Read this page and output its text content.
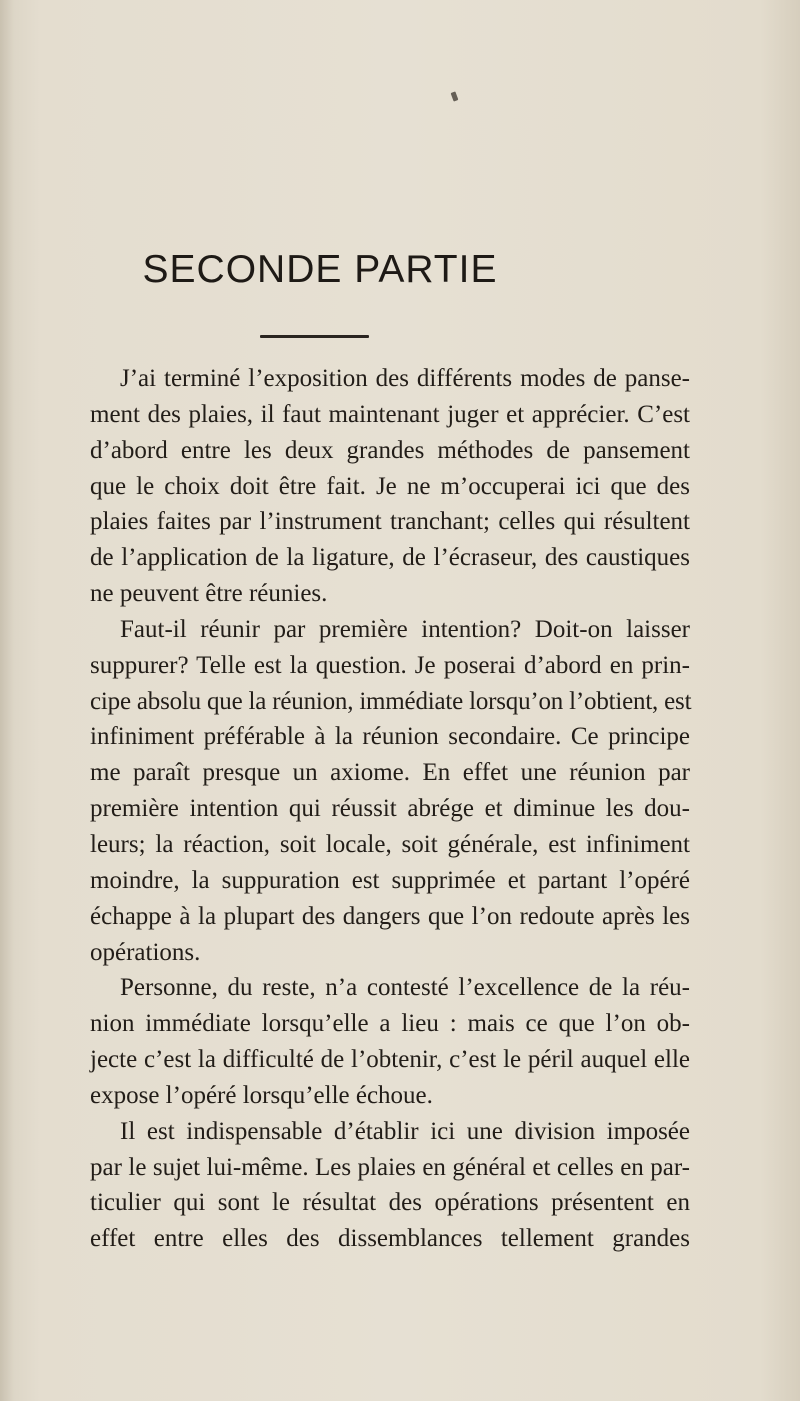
SECONDE PARTIE
J’ai terminé l’exposition des différents modes de panse-
ment des plaies, il faut maintenant juger et apprécier. C’est
d’abord entre les deux grandes méthodes de pansement
que le choix doit être fait. Je ne m’occuperai ici que des
plaies faites par l’instrument tranchant; celles qui résultent
de l’application de la ligature, de l’écraseur, des caustiques
ne peuvent être réunies.
Faut-il réunir par première intention? Doit-on laisser
suppurer? Telle est la question. Je poserai d’abord en prin-
cipe absolu que la réunion, immédiate lorsqu’on l’obtient, est
infiniment préférable à la réunion secondaire. Ce principe
me paraît presque un axiome. En effet une réunion par
première intention qui réussit abrége et diminue les dou-
leurs; la réaction, soit locale, soit générale, est infiniment
moindre, la suppuration est supprimée et partant l’opéré
échappe à la plupart des dangers que l’on redoute après les
opérations.
Personne, du reste, n’a contesté l’excellence de la réu-
nion immédiate lorsqu’elle a lieu : mais ce que l’on ob-
jecte c’est la difficulté de l’obtenir, c’est le péril auquel elle
expose l’opéré lorsqu’elle échoue.
Il est indispensable d’établir ici une division imposée
par le sujet lui-même. Les plaies en général et celles en par-
ticulier qui sont le résultat des opérations présentent en
effet entre elles des dissemblances tellement grandes
